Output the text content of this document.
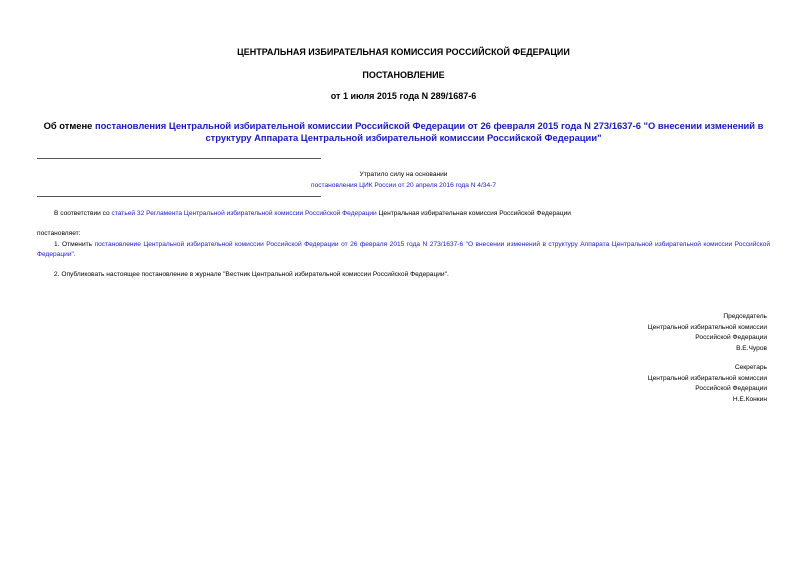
ЦЕНТРАЛЬНАЯ ИЗБИРАТЕЛЬНАЯ КОМИССИЯ РОССИЙСКОЙ ФЕДЕРАЦИИ
ПОСТАНОВЛЕНИЕ
от 1 июля 2015 года N 289/1687-6
Об отмене постановления Центральной избирательной комиссии Российской Федерации от 26 февраля 2015 года N 273/1637-6 "О внесении изменений в структуру Аппарата Центральной избирательной комиссии Российской Федерации"
Утратило силу на основании
постановления ЦИК России от 20 апреля 2016 года N 4/34-7
В соответствии со статьей 32 Регламента Центральной избирательной комиссии Российской Федерации Центральная избирательная комиссия Российской Федерации
постановляет:
1. Отменить постановление Центральной избирательной комиссии Российской Федерации от 26 февраля 2015 года N 273/1637-6 "О внесении изменений в структуру Аппарата Центральной избирательной комиссии Российской Федерации".
2. Опубликовать настоящее постановление в журнале "Вестник Центральной избирательной комиссии Российской Федерации".
Председатель
Центральной избирательной комиссии
Российской Федерации
В.Е.Чуров
Секретарь
Центральной избирательной комиссии
Российской Федерации
Н.Е.Конкин
